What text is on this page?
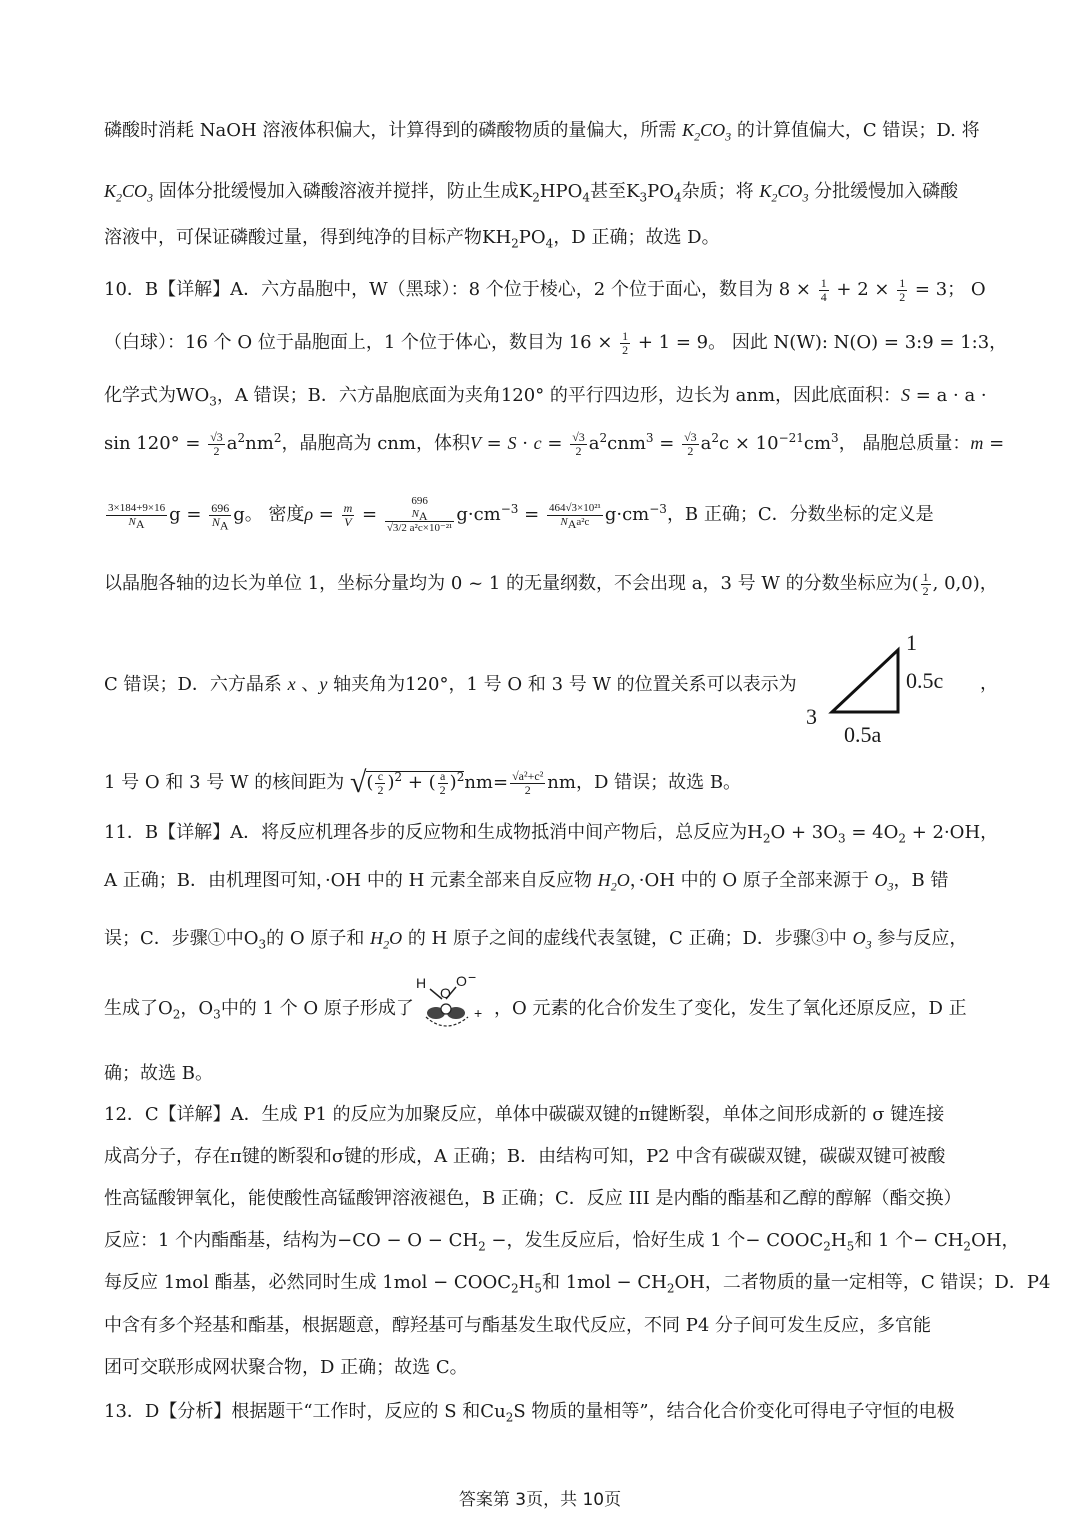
磷酸时消耗 NaOH 溶液体积偏大，计算得到的磷酸物质的量偏大，所需 $K_2CO_3$ 的计算值偏大，C 错误；D. 将
$K_2CO_3$ 固体分批缓慢加入磷酸溶液并搅拌，防止生成$K_2HPO_4$甚至$K_3PO_4$杂质；将 $K_2CO_3$ 分批缓慢加入磷酸
溶液中，可保证磷酸过量，得到纯净的目标产物$KH_2PO_4$，D 正确；故选 D。
10．B【详解】A．六方晶胞中，W（黑球）：8 个位于棱心，2 个位于面心，数目为 $8 \times \frac{1}{4} + 2 \times \frac{1}{2} = 3$； O
（白球）：16 个 O 位于晶胞面上，1 个位于体心，数目为 $16 \times \frac{1}{2} + 1 = 9$。 因此 N(W): N(O) = 3:9 = 1:3，
化学式为$WO_3$，A 错误；B．六方晶胞底面为夹角120° 的平行四边形，边长为 anm，因此底面积：S = a · a ·
$\sin 120^\circ = \frac{√3}{2} a^2nm^2$，晶胞高为 cnm，体积$V = S \cdot c = \frac{√3}{2} a^2cnm^3 = \frac{√3}{2} a^2c \times 10^{-21}cm^3$， 晶胞总质量：m =
$\frac{3\times 184+9\times 16}{N_A}$ $g = \frac{696}{N_A}$ g。 密度$\rho = \frac{m}{V}$ =
696
$N_A$
√3/2 a²c×10⁻²¹
$g\cdot cm^{-3} = \frac{\text{464√3×10²¹}}{N_Aa^2c} g\cdot cm^{-3}$，B 正确；C．分数坐标的定义是
以晶胞各轴的边长为单位 1，坐标分量均为 0 ~ 1 的无量纲数，不会出现 a，3 号 W 的分数坐标应为( $\frac{1}{2}$ , 0,0)，
C 错误；D．六方晶系 x 、y 轴夹角为120°，1 号 O 和 3 号 W 的位置关系可以表示为	，
1
0.5c
3
0.5a
1 号 O 和 3 号 W 的核间距为 √( $\frac{c}{2} )^2$ + ( $\frac{a}{2} )^2nm= \frac{\text{√a²+c²}}{2}$ nm，D 错误；故选 B。
11．B【详解】A．将反应机理各步的反应物和生成物抵消中间产物后，总反应为$H_2O + 3O_3 = 4O_2 + 2\cdot OH$，
A 正确；B．由机理图可知，·OH 中的 H 元素全部来自反应物 $H_2O$，·OH 中的 O 原子全部来源于 $O_3$，B 错
误；C．步骤①中$O_3$的 O 原子和 $H_2O$ 的 H 原子之间的虚线代表氢键，C 正确；D．步骤③中 $O_3$ 参与反应，
生成了$O_2$，$O_3$中的 1 个 O 原子形成了	，O 元素的化合价发生了变化，发生了氧化还原反应，D 正
H
O
O −
+
确；故选 B。
12．C【详解】A．生成 P1 的反应为加聚反应，单体中碳碳双键的π键断裂，单体之间形成新的 σ 键连接
成高分子，存在π键的断裂和σ键的形成，A 正确；B．由结构可知，P2 中含有碳碳双键，碳碳双键可被酸
性高锰酸钾氧化，能使酸性高锰酸钾溶液褪色，B 正确；C．反应 III 是内酯的酯基和乙醇的醇解（酯交换）
反应：1 个内酯酯基，结构为$-CO - O - CH_2$ −，发生反应后，恰好生成 1 个− $COOC_2H_5$和 1 个− $CH_2OH$，
每反应 1mol 酯基，必然同时生成 $1mol - COOC_2H_5$和 $1mol - CH_2OH$，二者物质的量一定相等，C 错误；D．P4
中含有多个羟基和酯基，根据题意，醇羟基可与酯基发生取代反应，不同 P4 分子间可发生反应，多官能
团可交联形成网状聚合物，D 正确；故选 C。
13．D【分析】根据题干“工作时，反应的 S 和$Cu_2S$ 物质的量相等”，结合化合价变化可得电子守恒的电极
答案第 3页，共 10页
